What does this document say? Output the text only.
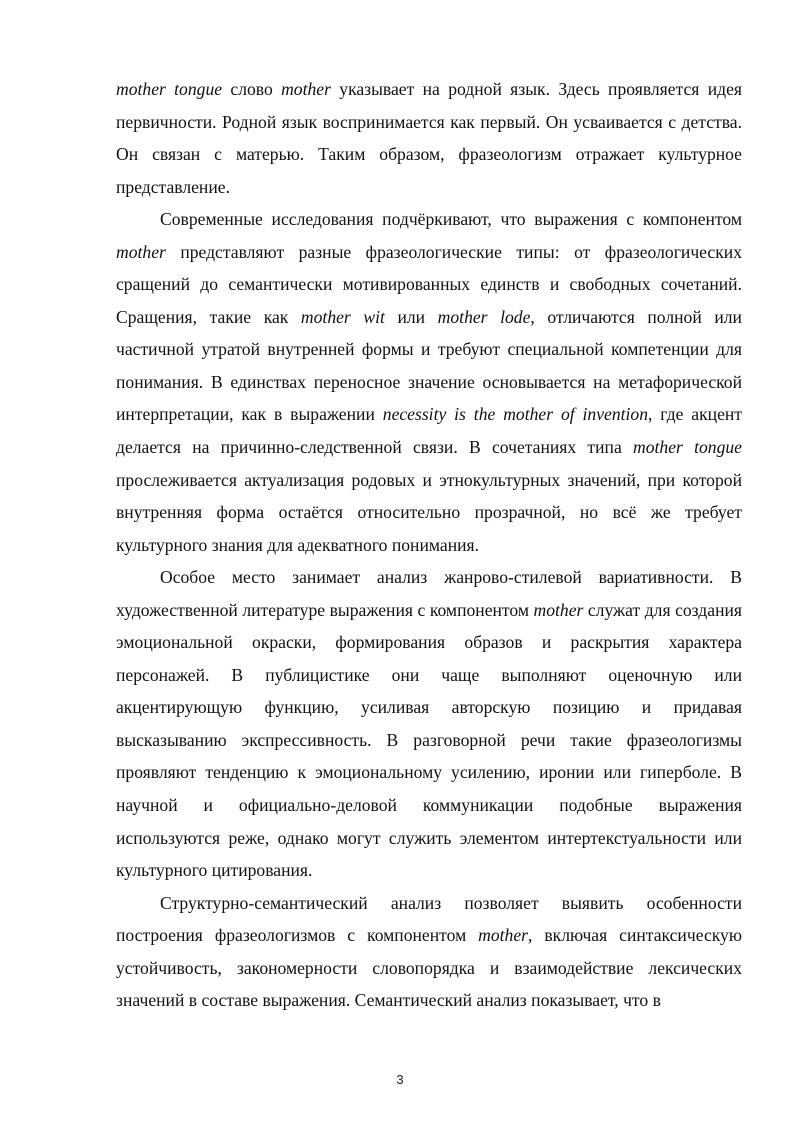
mother tongue слово mother указывает на родной язык. Здесь проявляется идея первичности. Родной язык воспринимается как первый. Он усваивается с детства. Он связан с матерью. Таким образом, фразеологизм отражает культурное представление.

Современные исследования подчёркивают, что выражения с компонентом mother представляют разные фразеологические типы: от фразеологических сращений до семантически мотивированных единств и свободных сочетаний. Сращения, такие как mother wit или mother lode, отличаются полной или частичной утратой внутренней формы и требуют специальной компетенции для понимания. В единствах переносное значение основывается на метафорической интерпретации, как в выражении necessity is the mother of invention, где акцент делается на причинно-следственной связи. В сочетаниях типа mother tongue прослеживается актуализация родовых и этнокультурных значений, при которой внутренняя форма остаётся относительно прозрачной, но всё же требует культурного знания для адекватного понимания.

Особое место занимает анализ жанрово-стилевой вариативности. В художественной литературе выражения с компонентом mother служат для создания эмоциональной окраски, формирования образов и раскрытия характера персонажей. В публицистике они чаще выполняют оценочную или акцентирующую функцию, усиливая авторскую позицию и придавая высказыванию экспрессивность. В разговорной речи такие фразеологизмы проявляют тенденцию к эмоциональному усилению, иронии или гиперболе. В научной и официально-деловой коммуникации подобные выражения используются реже, однако могут служить элементом интертекстуальности или культурного цитирования.

Структурно-семантический анализ позволяет выявить особенности построения фразеологизмов с компонентом mother, включая синтаксическую устойчивость, закономерности словопорядка и взаимодействие лексических значений в составе выражения. Семантический анализ показывает, что в

3
